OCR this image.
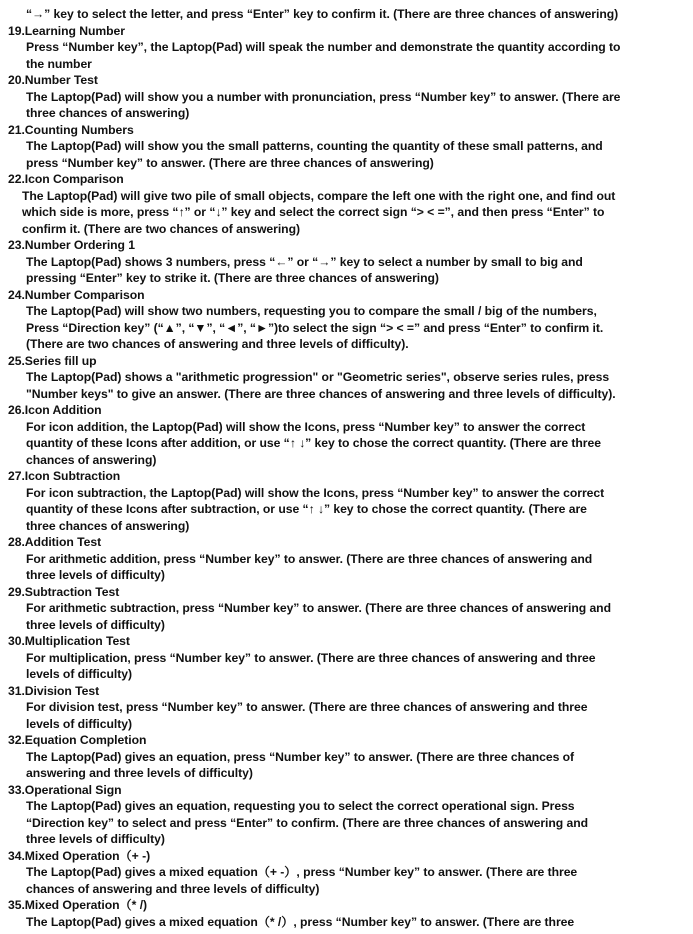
“→” key to select the letter, and press “Enter” key to confirm it. (There are three chances of answering)
19.Learning Number
Press “Number key”, the Laptop(Pad) will speak the number and demonstrate the quantity according to
the number
20.Number Test
The Laptop(Pad) will show you a number with pronunciation, press “Number key” to answer. (There are
three chances of answering)
21.Counting Numbers
The Laptop(Pad) will show you the small patterns, counting the quantity of these small patterns, and
press “Number key” to answer. (There are three chances of answering)
22.Icon Comparison
The Laptop(Pad) will give two pile of small objects, compare the left one with the right one, and find out
which side is more, press “↑” or “↓” key and select the correct sign “> < =”, and then press “Enter” to
confirm it. (There are two chances of answering)
23.Number Ordering 1
The Laptop(Pad) shows 3 numbers, press “←” or “→” key to select a number by small to big and
pressing “Enter” key to strike it. (There are three chances of answering)
24.Number Comparison
The Laptop(Pad) will show two numbers, requesting you to compare the small / big of the numbers,
Press “Direction key” (“▲”, “▼”, “◄”, “►”)to select the sign “> < =” and press “Enter” to confirm it.
(There are two chances of answering and three levels of difficulty).
25.Series fill up
The Laptop(Pad) shows a "arithmetic progression" or "Geometric series", observe series rules, press
"Number keys" to give an answer. (There are three chances of answering and three levels of difficulty).
26.Icon Addition
For icon addition, the Laptop(Pad) will show the Icons, press “Number key” to answer the correct
quantity of these Icons after addition, or use “↑ ↓” key to chose the correct quantity. (There are three
chances of answering)
27.Icon Subtraction
For icon subtraction, the Laptop(Pad) will show the Icons, press “Number key” to answer the correct
quantity of these Icons after subtraction, or use “↑ ↓” key to chose the correct quantity. (There are
three chances of answering)
28.Addition Test
For arithmetic addition, press “Number key” to answer. (There are three chances of answering and
three levels of difficulty)
29.Subtraction Test
For arithmetic subtraction, press “Number key” to answer. (There are three chances of answering and
three levels of difficulty)
30.Multiplication Test
For multiplication, press “Number key” to answer. (There are three chances of answering and three
levels of difficulty)
31.Division Test
For division test, press “Number key” to answer. (There are three chances of answering and three
levels of difficulty)
32.Equation Completion
The Laptop(Pad) gives an equation, press “Number key” to answer. (There are three chances of
answering and three levels of difficulty)
33.Operational Sign
The Laptop(Pad) gives an equation, requesting you to select the correct operational sign. Press
“Direction key” to select and press “Enter” to confirm. (There are three chances of answering and
three levels of difficulty)
34.Mixed Operation（+ -)
The Laptop(Pad) gives a mixed equation（+ -）, press “Number key” to answer. (There are three
chances of answering and three levels of difficulty)
35.Mixed Operation（* /)
The Laptop(Pad) gives a mixed equation（* /）, press “Number key” to answer. (There are three
